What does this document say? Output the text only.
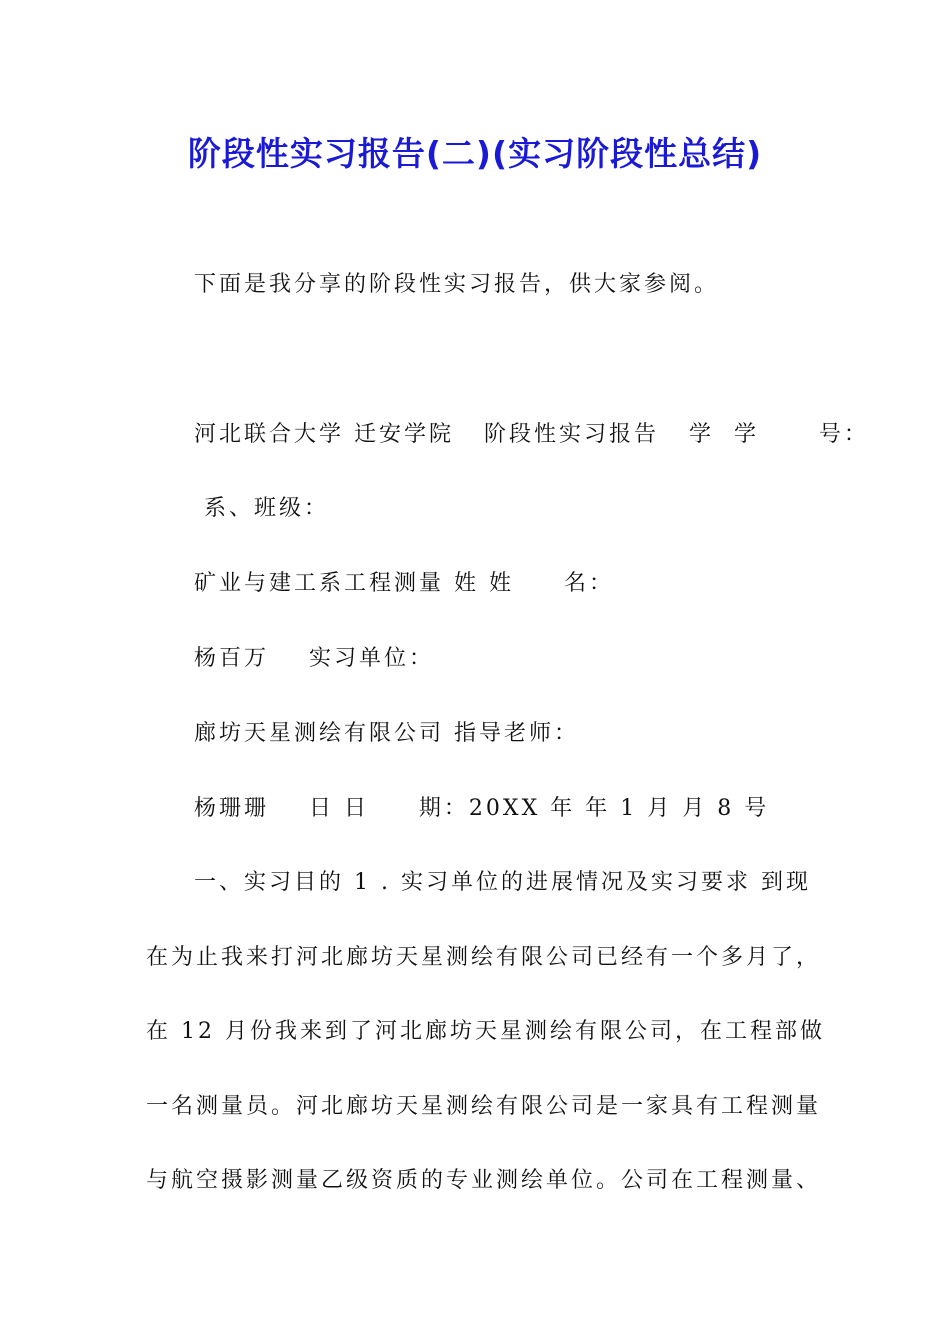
阶段性实习报告(二)(实习阶段性总结)
下面是我分享的阶段性实习报告，供大家参阅。
河北联合大学 迁安学院   阶段性实习报告   学  学      号：
系、班级：
矿业与建工系工程测量 姓 姓     名：
杨百万    实习单位：
廊坊天星测绘有限公司 指导老师：
杨珊珊    日 日     期：20XX 年 年 1 月 月 8 号
一、实习目的 1 . 实习单位的进展情况及实习要求 到现
在为止我来打河北廊坊天星测绘有限公司已经有一个多月了，
在 12 月份我来到了河北廊坊天星测绘有限公司，在工程部做
一名测量员。河北廊坊天星测绘有限公司是一家具有工程测量
与航空摄影测量乙级资质的专业测绘单位。公司在工程测量、
